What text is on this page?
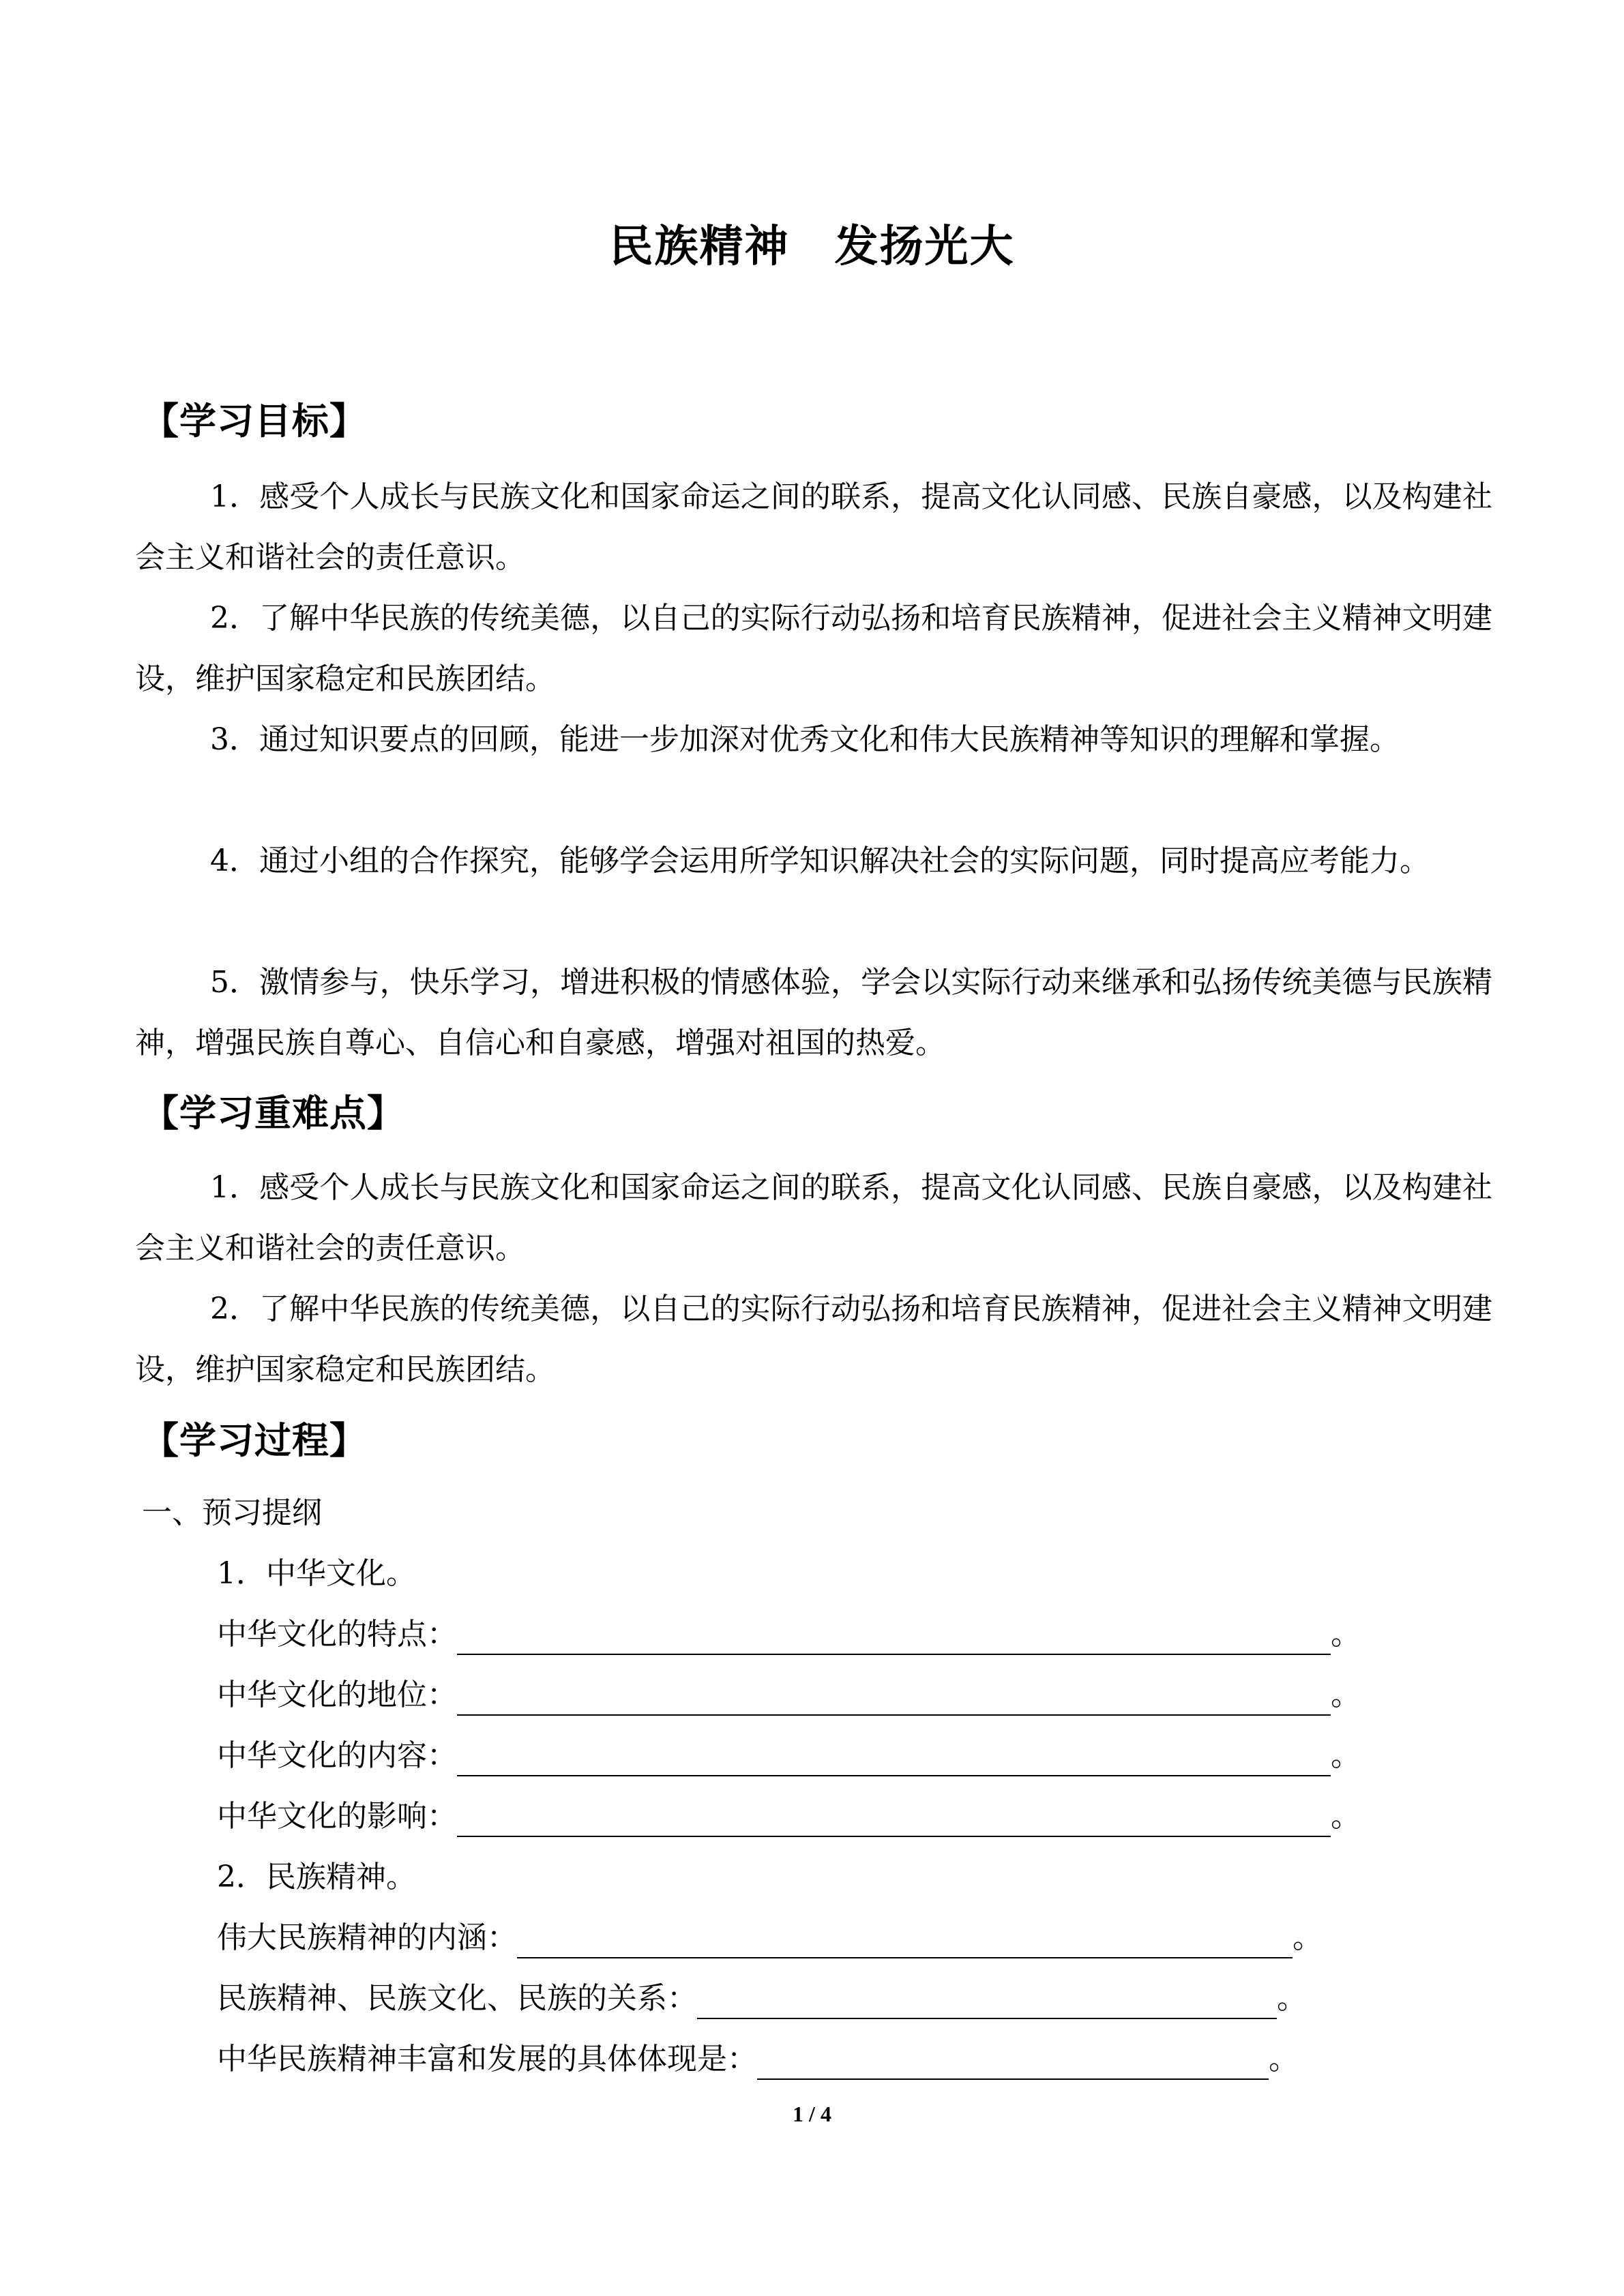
民族精神　发扬光大
【学习目标】
1．感受个人成长与民族文化和国家命运之间的联系，提高文化认同感、民族自豪感，以及构建社会主义和谐社会的责任意识。
2．了解中华民族的传统美德，以自己的实际行动弘扬和培育民族精神，促进社会主义精神文明建设，维护国家稳定和民族团结。
3．通过知识要点的回顾，能进一步加深对优秀文化和伟大民族精神等知识的理解和掌握。
4．通过小组的合作探究，能够学会运用所学知识解决社会的实际问题，同时提高应考能力。
5．激情参与，快乐学习，增进积极的情感体验，学会以实际行动来继承和弘扬传统美德与民族精神，增强民族自尊心、自信心和自豪感，增强对祖国的热爱。
【学习重难点】
1．感受个人成长与民族文化和国家命运之间的联系，提高文化认同感、民族自豪感，以及构建社会主义和谐社会的责任意识。
2．了解中华民族的传统美德，以自己的实际行动弘扬和培育民族精神，促进社会主义精神文明建设，维护国家稳定和民族团结。
【学习过程】
一、预习提纲
1．中华文化。
中华文化的特点：	。
中华文化的地位：	。
中华文化的内容：	。
中华文化的影响：	。
2．民族精神。
伟大民族精神的内涵：	。
民族精神、民族文化、民族的关系：	。
中华民族精神丰富和发展的具体体现是：	。
1 / 4
